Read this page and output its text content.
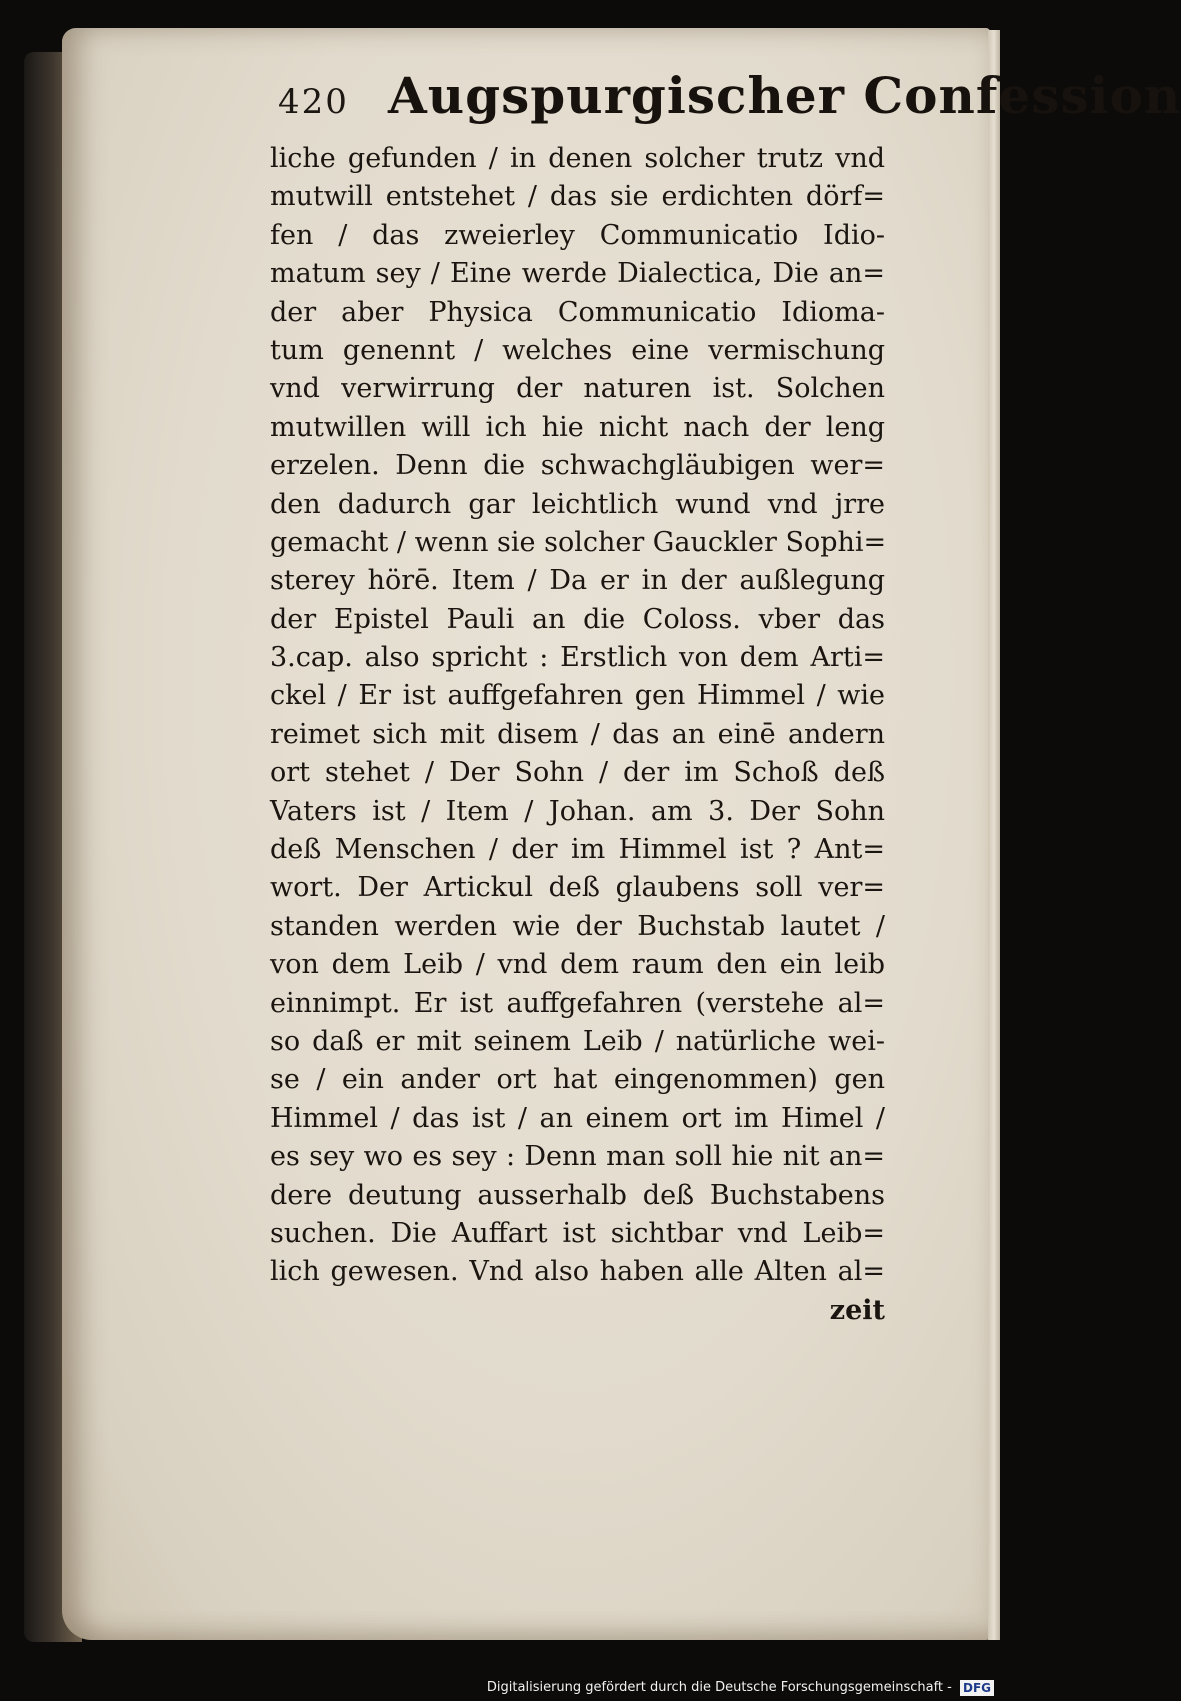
420 Augspurgischer Confession
liche gefunden / in denen solcher trutz vnd
mutwill entstehet / das sie erdichten dörf=
fen / das zweierley Communicatio Idio-
matum sey / Eine werde Dialectica, Die an=
der aber Physica Communicatio Idioma-
tum genennt / welches eine vermischung
vnd verwirrung der naturen ist. Solchen
mutwillen will ich hie nicht nach der leng
erzelen. Denn die schwachgläubigen wer=
den dadurch gar leichtlich wund vnd jrre
gemacht / wenn sie solcher Gauckler Sophi=
sterey hörē. Item / Da er in der außlegung
der Epistel Pauli an die Coloss. vber das
3.cap. also spricht : Erstlich von dem Arti=
ckel / Er ist auffgefahren gen Himmel / wie
reimet sich mit disem / das an einē andern
ort stehet / Der Sohn / der im Schoß deß
Vaters ist / Item / Johan. am 3. Der Sohn
deß Menschen / der im Himmel ist ? Ant=
wort. Der Artickul deß glaubens soll ver=
standen werden wie der Buchstab lautet /
von dem Leib / vnd dem raum den ein leib
einnimpt. Er ist auffgefahren (verstehe al=
so daß er mit seinem Leib / natürliche wei-
se / ein ander ort hat eingenommen) gen
Himmel / das ist / an einem ort im Himel /
es sey wo es sey : Denn man soll hie nit an=
dere deutung ausserhalb deß Buchstabens
suchen. Die Auffart ist sichtbar vnd Leib=
lich gewesen. Vnd also haben alle Alten al=
zeit
Digitalisierung gefördert durch die Deutsche Forschungsgemeinschaft - DFG
